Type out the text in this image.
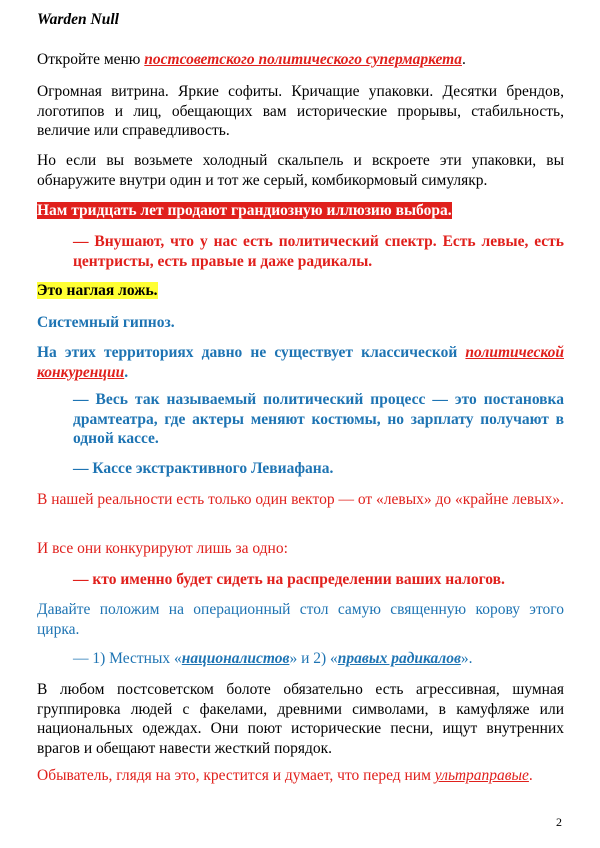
Warden Null

Откройте меню постсоветского политического супермаркета.

Огромная витрина. Яркие софиты. Кричащие упаковки. Десятки брендов, логотипов и лиц, обещающих вам исторические прорывы, стабильность, величие или справедливость.

Но если вы возьмете холодный скальпель и вскроете эти упаковки, вы обнаружите внутри один и тот же серый, комбикормовый симулякр.

Нам тридцать лет продают грандиозную иллюзию выбора.

— Внушают, что у нас есть политический спектр. Есть левые, есть центристы, есть правые и даже радикалы.

Это наглая ложь.

Системный гипноз.

На этих территориях давно не существует классической политической конкуренции.

— Весь так называемый политический процесс — это постановка драмтеатра, где актеры меняют костюмы, но зарплату получают в одной кассе.

— Кассе экстрактивного Левиафана.

В нашей реальности есть только один вектор — от «левых» до «крайне левых».

И все они конкурируют лишь за одно:

— кто именно будет сидеть на распределении ваших налогов.

Давайте положим на операционный стол самую священную корову этого цирка.

— 1) Местных «националистов» и 2) «правых радикалов».

В любом постсоветском болоте обязательно есть агрессивная, шумная группировка людей с факелами, древними символами, в камуфляже или национальных одеждах. Они поют исторические песни, ищут внутренних врагов и обещают навести жесткий порядок.

Обыватель, глядя на это, крестится и думает, что перед ним ультраправые.

2
